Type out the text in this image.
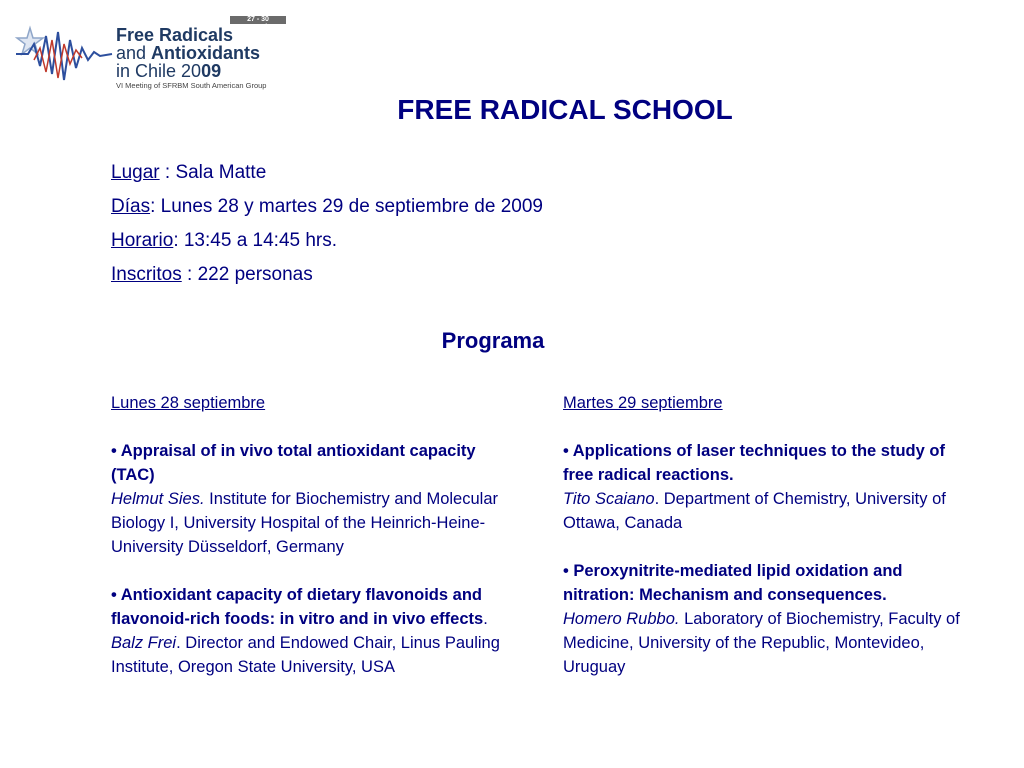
27 - 30 September
Free Radicals
and Antioxidants
in Chile 2009
VI Meeting of SFRBM South American Group
FREE RADICAL SCHOOL
Lugar : Sala Matte
Días: Lunes 28 y martes 29 de septiembre de 2009
Horario: 13:45 a 14:45 hrs.
Inscritos : 222 personas
Programa
Lunes 28 septiembre
• Appraisal of in vivo total antioxidant capacity (TAC)
Helmut Sies. Institute for Biochemistry and Molecular Biology I, University Hospital of the Heinrich-Heine-University Düsseldorf, Germany
• Antioxidant capacity of dietary flavonoids and flavonoid-rich foods: in vitro and in vivo effects.
Balz Frei. Director and Endowed Chair, Linus Pauling Institute, Oregon State University, USA
Martes 29 septiembre
• Applications of laser techniques to the study of free radical reactions.
Tito Scaiano. Department of Chemistry, University of Ottawa, Canada
• Peroxynitrite-mediated lipid oxidation and nitration: Mechanism and consequences.
Homero Rubbo. Laboratory of Biochemistry, Faculty of Medicine, University of the Republic, Montevideo, Uruguay
